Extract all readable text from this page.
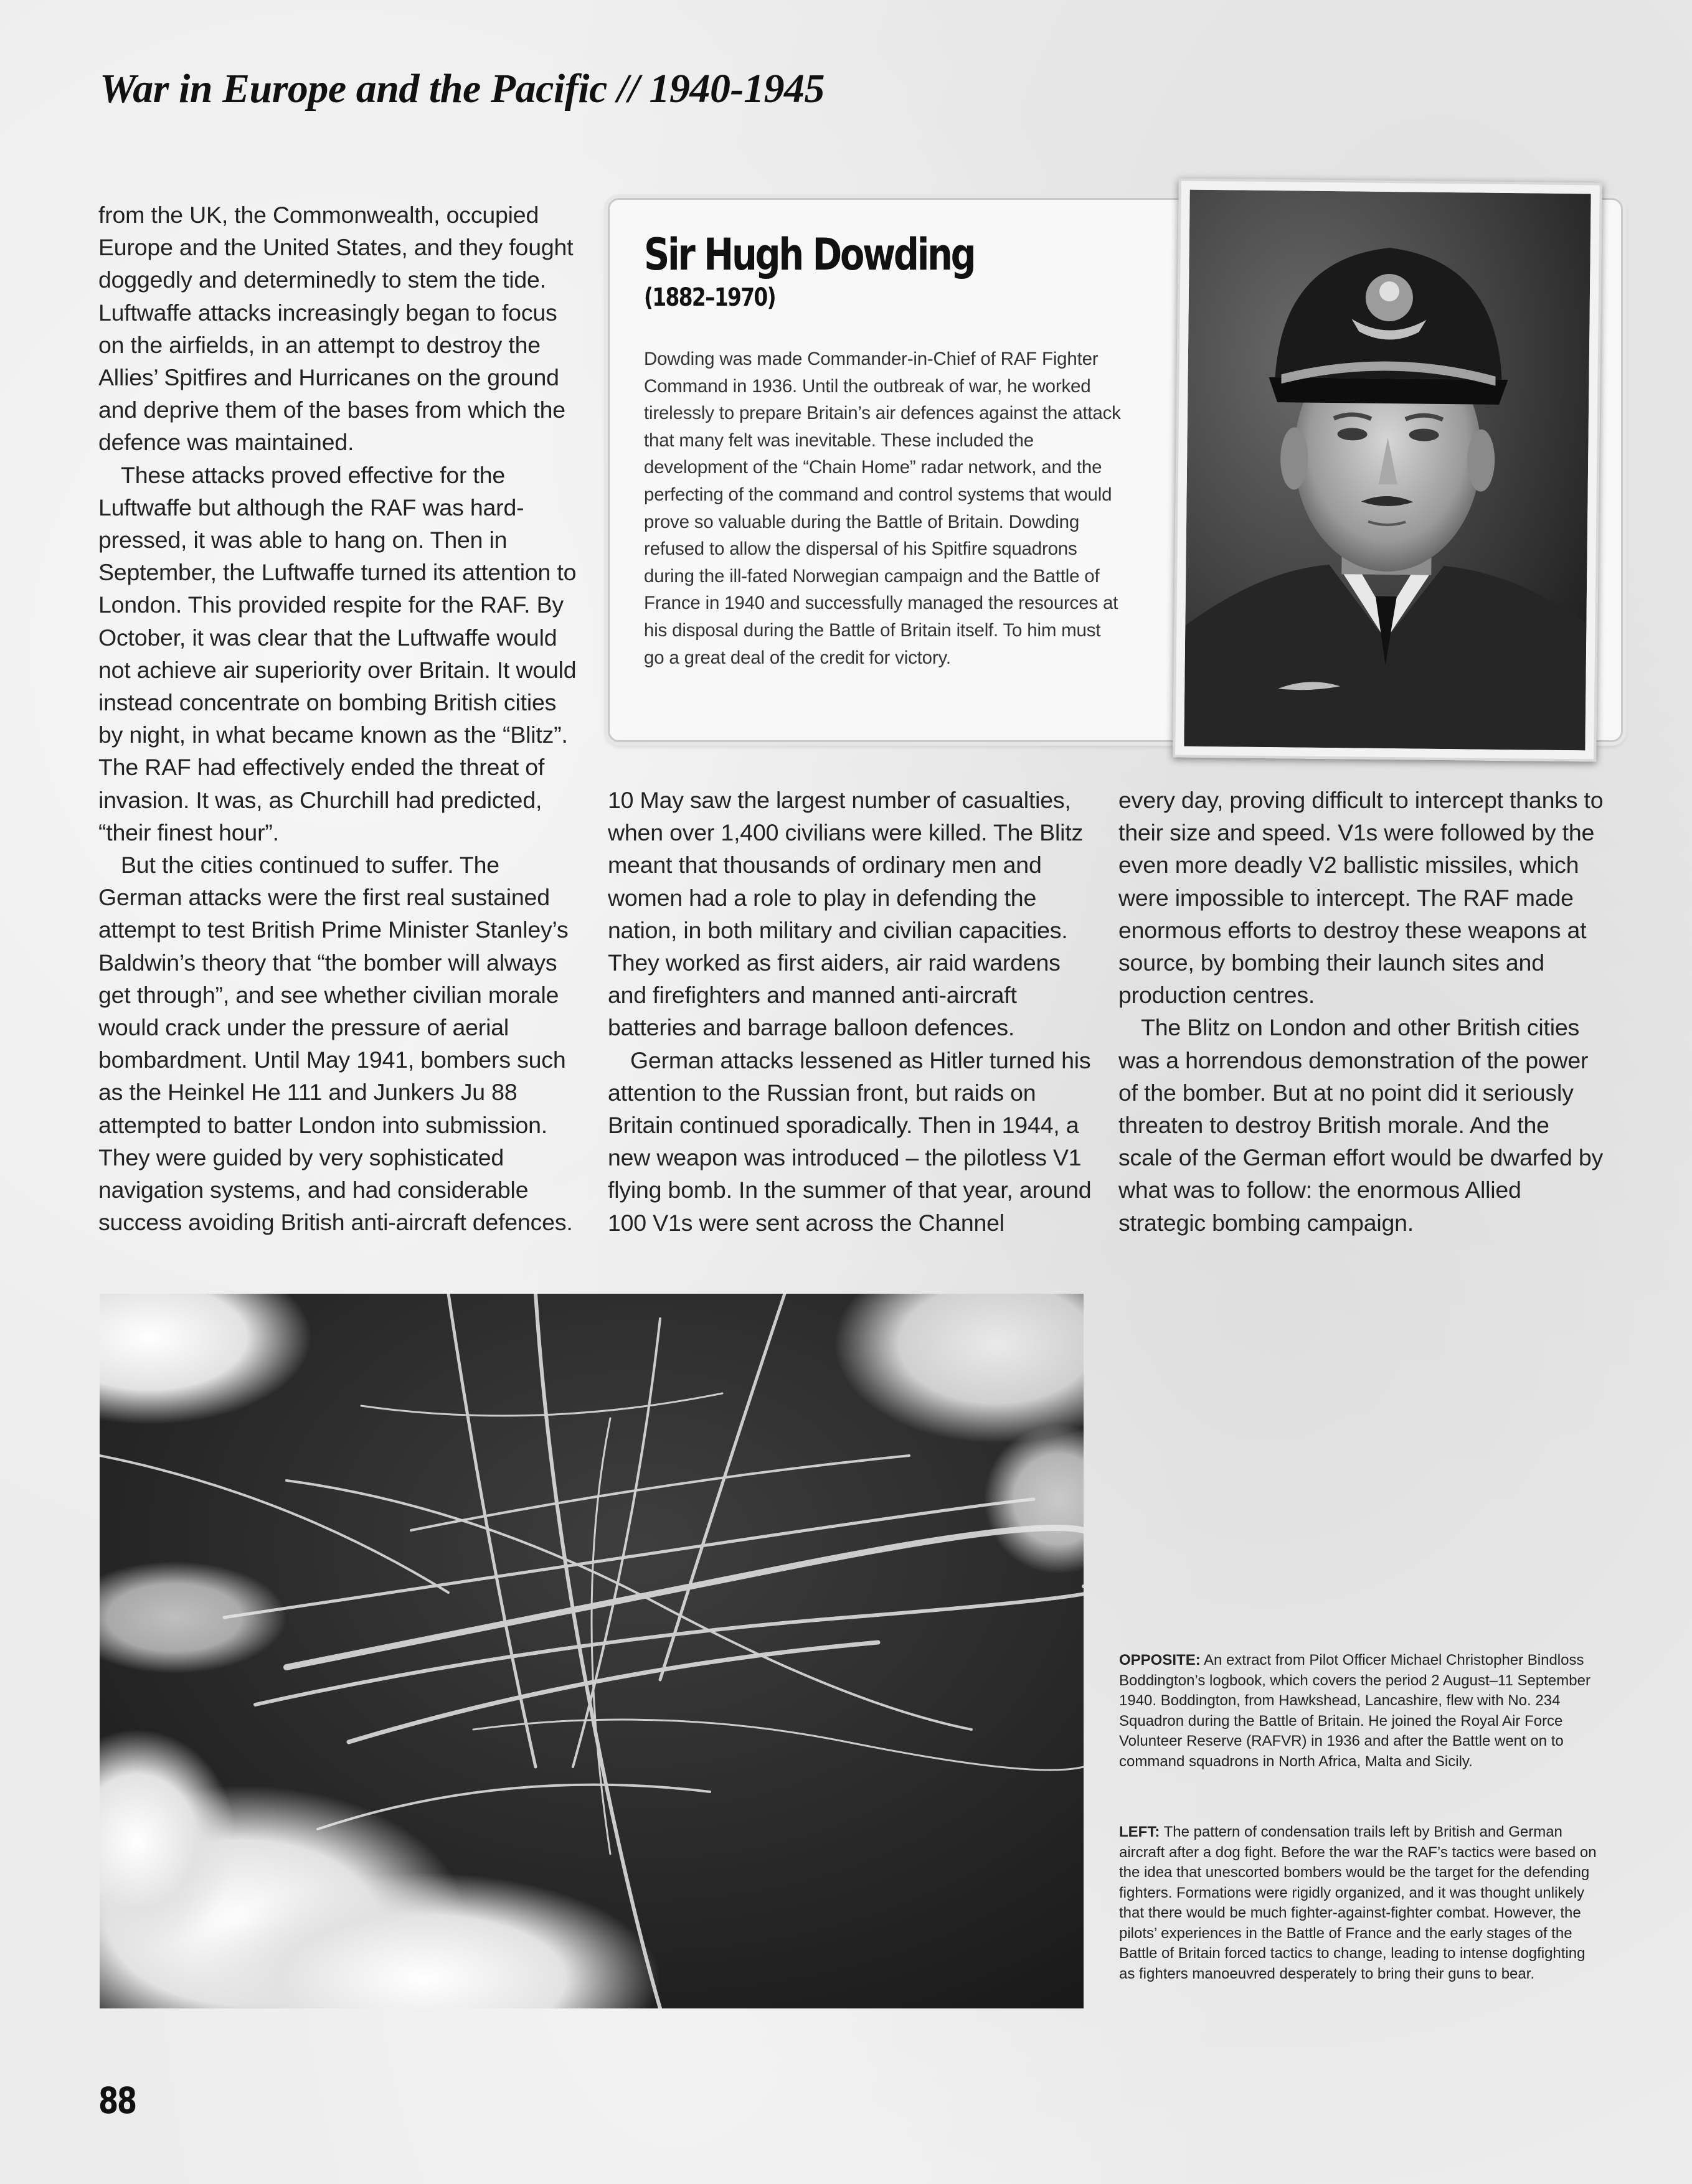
War in Europe and the Pacific // 1940-1945

from the UK, the Commonwealth, occupied Europe and the United States, and they fought doggedly and determinedly to stem the tide. Luftwaffe attacks increasingly began to focus on the airfields, in an attempt to destroy the Allies’ Spitfires and Hurricanes on the ground and deprive them of the bases from which the defence was maintained.

These attacks proved effective for the Luftwaffe but although the RAF was hard-pressed, it was able to hang on. Then in September, the Luftwaffe turned its attention to London. This provided respite for the RAF. By October, it was clear that the Luftwaffe would not achieve air superiority over Britain. It would instead concentrate on bombing British cities by night, in what became known as the “Blitz”. The RAF had effectively ended the threat of invasion. It was, as Churchill had predicted, “their finest hour”.

But the cities continued to suffer. The German attacks were the first real sustained attempt to test British Prime Minister Stanley’s Baldwin’s theory that “the bomber will always get through”, and see whether civilian morale would crack under the pressure of aerial bombardment. Until May 1941, bombers such as the Heinkel He 111 and Junkers Ju 88 attempted to batter London into submission. They were guided by very sophisticated navigation systems, and had considerable success avoiding British anti-aircraft defences.

Sir Hugh Dowding
(1882–1970)
Dowding was made Commander-in-Chief of RAF Fighter Command in 1936. Until the outbreak of war, he worked tirelessly to prepare Britain’s air defences against the attack that many felt was inevitable. These included the development of the “Chain Home” radar network, and the perfecting of the command and control systems that would prove so valuable during the Battle of Britain. Dowding refused to allow the dispersal of his Spitfire squadrons during the ill-fated Norwegian campaign and the Battle of France in 1940 and successfully managed the resources at his disposal during the Battle of Britain itself. To him must go a great deal of the credit for victory.

10 May saw the largest number of casualties, when over 1,400 civilians were killed. The Blitz meant that thousands of ordinary men and women had a role to play in defending the nation, in both military and civilian capacities. They worked as first aiders, air raid wardens and firefighters and manned anti-aircraft batteries and barrage balloon defences.

German attacks lessened as Hitler turned his attention to the Russian front, but raids on Britain continued sporadically. Then in 1944, a new weapon was introduced – the pilotless V1 flying bomb. In the summer of that year, around 100 V1s were sent across the Channel

every day, proving difficult to intercept thanks to their size and speed. V1s were followed by the even more deadly V2 ballistic missiles, which were impossible to intercept. The RAF made enormous efforts to destroy these weapons at source, by bombing their launch sites and production centres.

The Blitz on London and other British cities was a horrendous demonstration of the power of the bomber. But at no point did it seriously threaten to destroy British morale. And the scale of the German effort would be dwarfed by what was to follow: the enormous Allied strategic bombing campaign.

OPPOSITE: An extract from Pilot Officer Michael Christopher Bindloss Boddington’s logbook, which covers the period 2 August–11 September 1940. Boddington, from Hawkshead, Lancashire, flew with No. 234 Squadron during the Battle of Britain. He joined the Royal Air Force Volunteer Reserve (RAFVR) in 1936 and after the Battle went on to command squadrons in North Africa, Malta and Sicily.
LEFT: The pattern of condensation trails left by British and German aircraft after a dog fight. Before the war the RAF’s tactics were based on the idea that unescorted bombers would be the target for the defending fighters. Formations were rigidly organized, and it was thought unlikely that there would be much fighter-against-fighter combat. However, the pilots’ experiences in the Battle of France and the early stages of the Battle of Britain forced tactics to change, leading to intense dogfighting as fighters manoeuvred desperately to bring their guns to bear.
88
